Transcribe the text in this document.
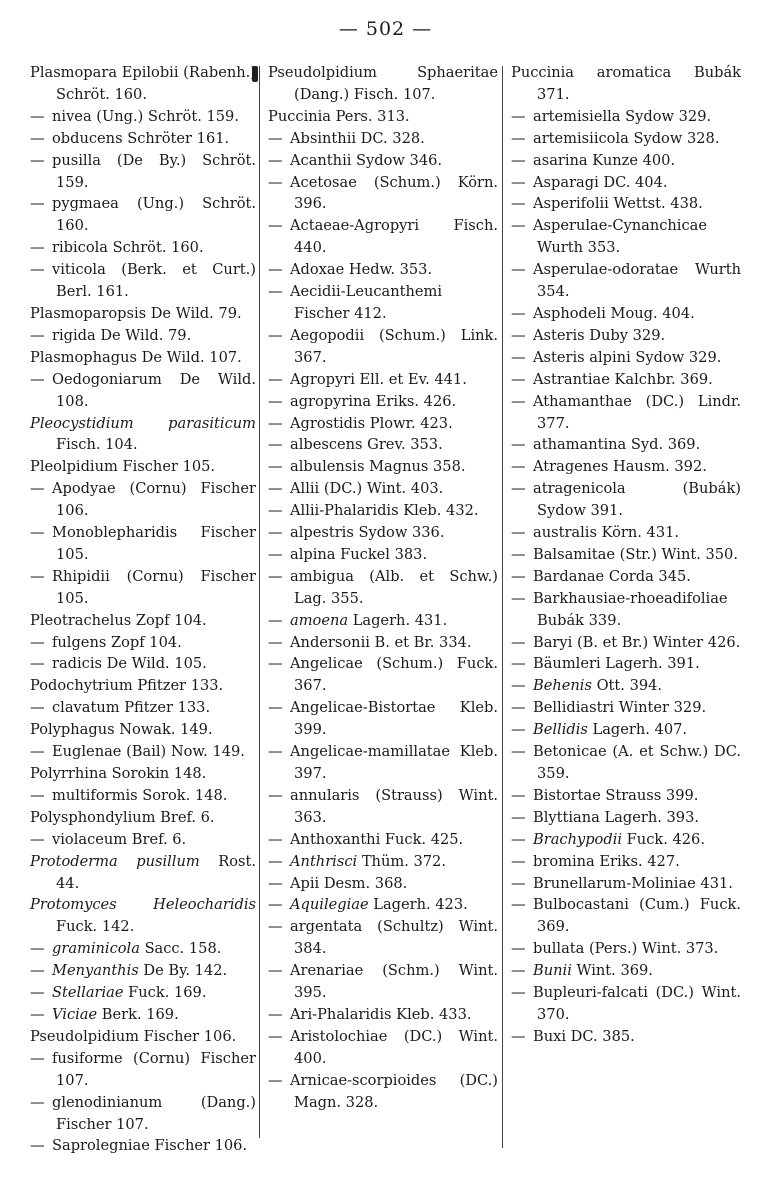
— 502 —
Plasmopara Epilobii (Rabenh.) Schröt. 160.
— nivea (Ung.) Schröt. 159.
— obducens Schröter 161.
— pusilla (De By.) Schröt. 159.
— pygmaea (Ung.) Schröt. 160.
— ribicola Schröt. 160.
— viticola (Berk. et Curt.) Berl. 161.
Plasmoparopsis De Wild. 79.
— rigida De Wild. 79.
Plasmophagus De Wild. 107.
— Oedogoniarum De Wild. 108.
Pleocystidium parasiticum Fisch. 104.
Pleolpidium Fischer 105.
— Apodyae (Cornu) Fischer 106.
— Monoblepharidis Fischer 105.
— Rhipidii (Cornu) Fischer 105.
Pleotrachelus Zopf 104.
— fulgens Zopf 104.
— radicis De Wild. 105.
Podochytrium Pfitzer 133.
— clavatum Pfitzer 133.
Polyphagus Nowak. 149.
— Euglenae (Bail) Now. 149.
Polyrrhina Sorokin 148.
— multiformis Sorok. 148.
Polysphondylium Bref. 6.
— violaceum Bref. 6.
Protoderma pusillum Rost. 44.
Protomyces Heleocharidis Fuck. 142.
— graminicola Sacc. 158.
— Menyanthis De By. 142.
— Stellariae Fuck. 169.
— Viciae Berk. 169.
Pseudolpidium Fischer 106.
— fusiforme (Cornu) Fischer 107.
— glenodinianum (Dang.) Fischer 107.
— Saprolegniae Fischer 106.
Pseudolpidium Sphaeritae (Dang.) Fisch. 107.
Puccinia Pers. 313.
— Absinthii DC. 328.
— Acanthii Sydow 346.
— Acetosae (Schum.) Körn. 396.
— Actaeae-Agropyri Fisch. 440.
— Adoxae Hedw. 353.
— Aecidii-Leucanthemi Fischer 412.
— Aegopodii (Schum.) Link. 367.
— Agropyri Ell. et Ev. 441.
— agropyrina Eriks. 426.
— Agrostidis Plowr. 423.
— albescens Grev. 353.
— albulensis Magnus 358.
— Allii (DC.) Wint. 403.
— Allii-Phalaridis Kleb. 432.
— alpestris Sydow 336.
— alpina Fuckel 383.
— ambigua (Alb. et Schw.) Lag. 355.
— amoena Lagerh. 431.
— Andersonii B. et Br. 334.
— Angelicae (Schum.) Fuck. 367.
— Angelicae-Bistortae Kleb. 399.
— Angelicae-mamillatae Kleb. 397.
— annularis (Strauss) Wint. 363.
— Anthoxanthi Fuck. 425.
— Anthrisci Thüm. 372.
— Apii Desm. 368.
— Aquilegiae Lagerh. 423.
— argentata (Schultz) Wint. 384.
— Arenariae (Schm.) Wint. 395.
— Ari-Phalaridis Kleb. 433.
— Aristolochiae (DC.) Wint. 400.
— Arnicae-scorpioides (DC.) Magn. 328.
Puccinia aromatica Bubák 371.
— artemisiella Sydow 329.
— artemisiicola Sydow 328.
— asarina Kunze 400.
— Asparagi DC. 404.
— Asperifolii Wettst. 438.
— Asperulae-Cynanchicae Wurth 353.
— Asperulae-odoratae Wurth 354.
— Asphodeli Moug. 404.
— Asteris Duby 329.
— Asteris alpini Sydow 329.
— Astrantiae Kalchbr. 369.
— Athamanthae (DC.) Lindr. 377.
— athamantina Syd. 369.
— Atragenes Hausm. 392.
— atragenicola (Bubák) Sydow 391.
— australis Körn. 431.
— Balsamitae (Str.) Wint. 350.
— Bardanae Corda 345.
— Barkhausiae-rhoeadifoliae Bubák 339.
— Baryi (B. et Br.) Winter 426.
— Bäumleri Lagerh. 391.
— Behenis Ott. 394.
— Bellidiastri Winter 329.
— Bellidis Lagerh. 407.
— Betonicae (A. et Schw.) DC. 359.
— Bistortae Strauss 399.
— Blyttiana Lagerh. 393.
— Brachypodii Fuck. 426.
— bromina Eriks. 427.
— Brunellarum-Moliniae 431.
— Bulbocastani (Cum.) Fuck. 369.
— bullata (Pers.) Wint. 373.
— Bunii Wint. 369.
— Bupleuri-falcati (DC.) Wint. 370.
— Buxi DC. 385.
